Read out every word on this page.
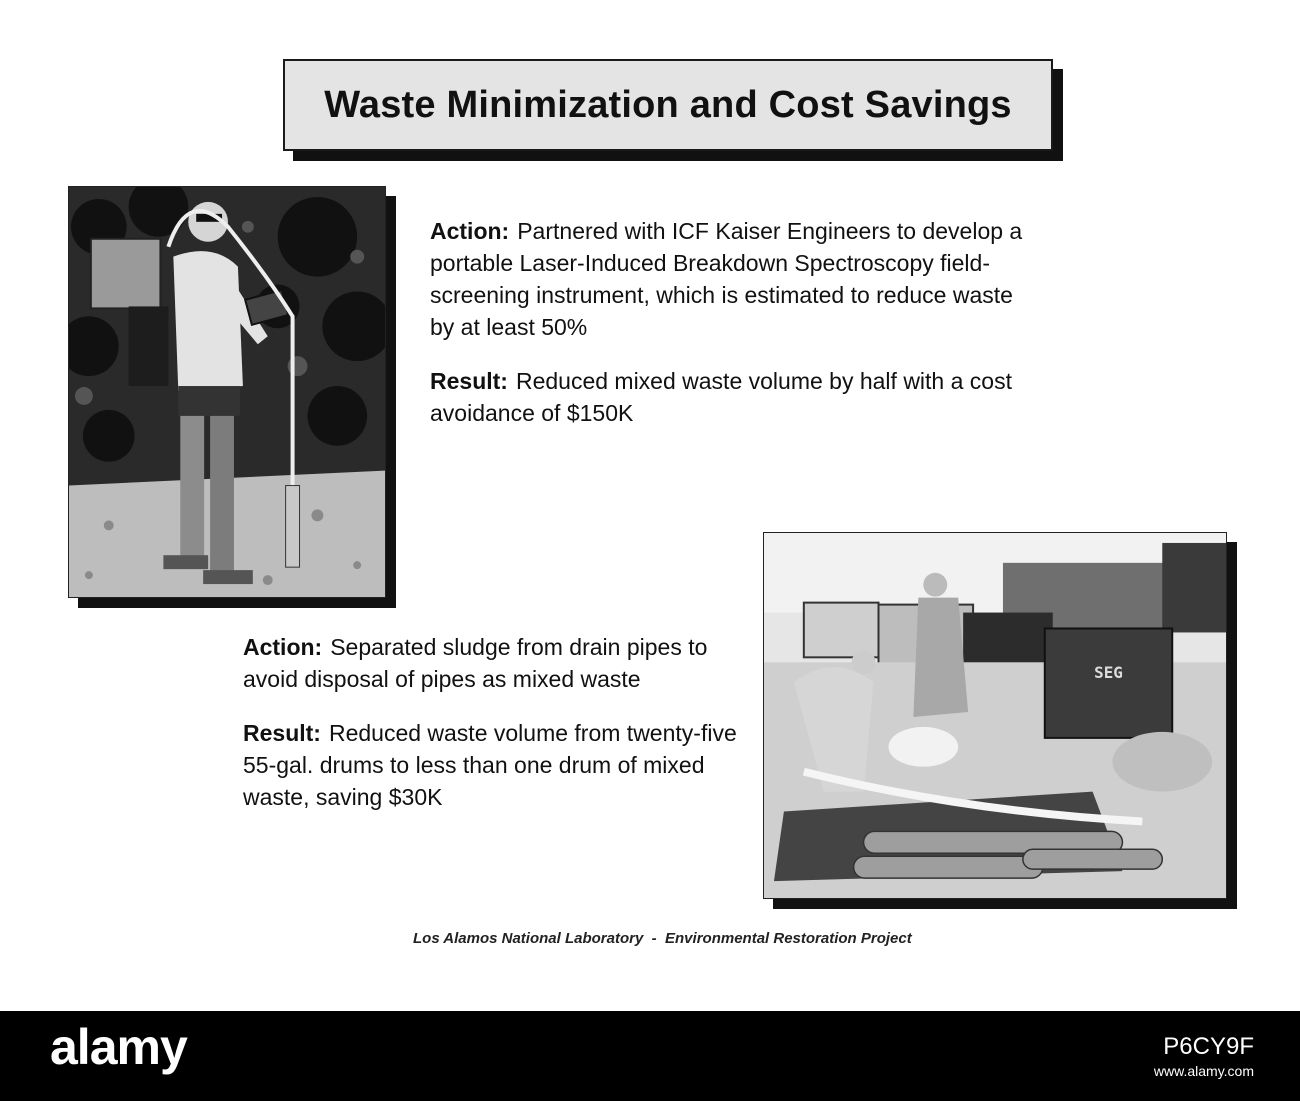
Waste Minimization and Cost Savings

Action: Partnered with ICF Kaiser Engineers to develop a portable Laser-Induced Breakdown Spectroscopy field-screening instrument, which is estimated to reduce waste by at least 50%

Result: Reduced mixed waste volume by half with a cost avoidance of $150K

Action: Separated sludge from drain pipes to avoid disposal of pipes as mixed waste

Result: Reduced waste volume from twenty-five 55-gal. drums to less than one drum of mixed waste, saving $30K

SEG
Los Alamos National Laboratory - Environmental Restoration Project
alamy	P6CY9F
www.alamy.com
